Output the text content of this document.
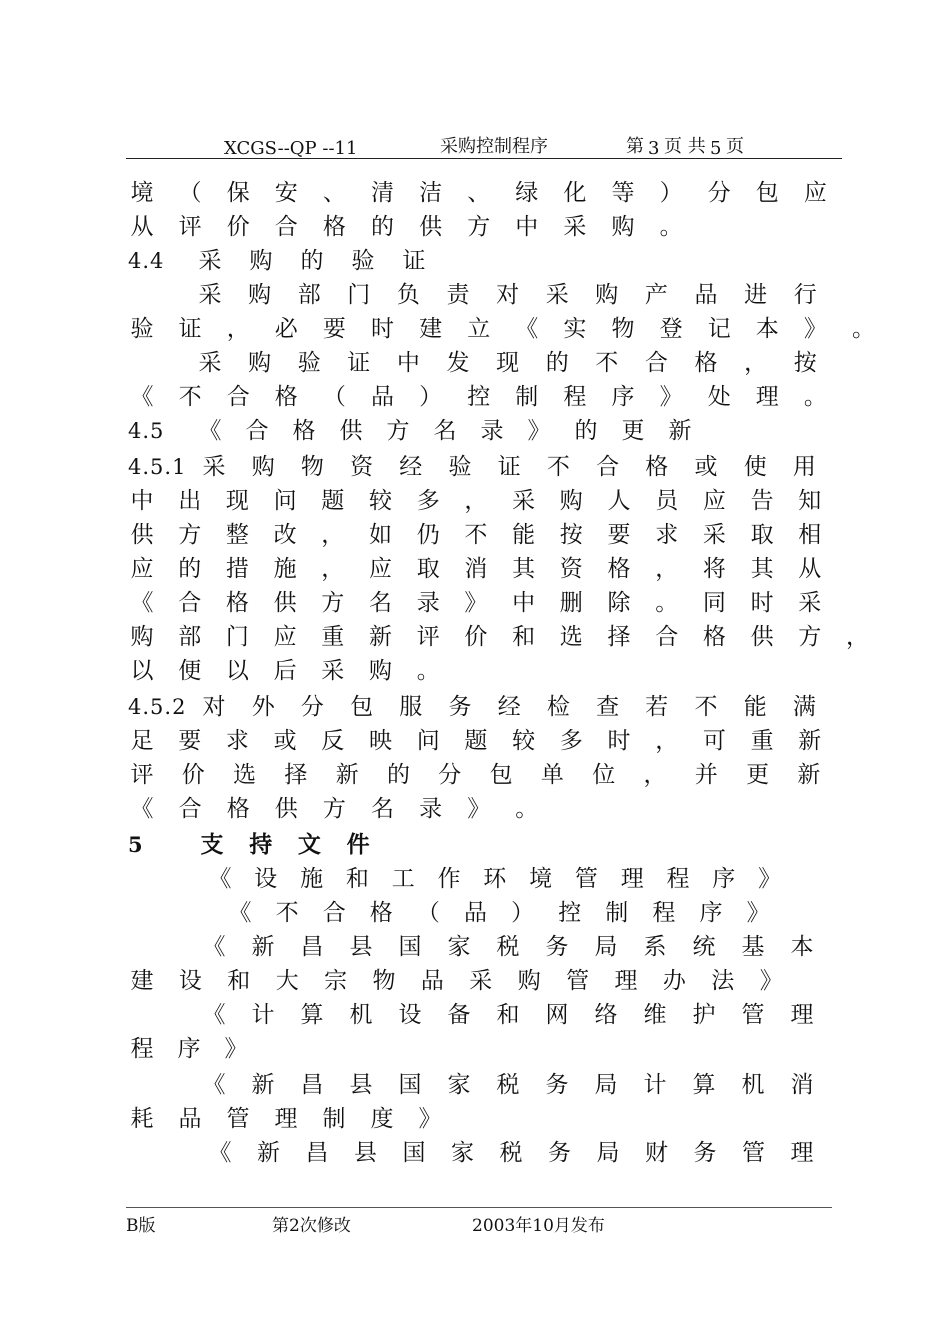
XCGS--QP --11	采购控制程序	第 3 页 共 5 页
境 （ 保 安 、 清 洁 、 绿 化 等 ） 分 包 应
从 评 价 合 格 的 供 方 中 采 购 。
4.4 采 购 的 验 证
采 购 部 门 负 责 对 采 购 产 品 进 行
验 证 ， 必 要 时 建 立 《 实 物 登 记 本 》 。
采 购 验 证 中 发 现 的 不 合 格 ， 按
《 不 合 格 （ 品 ） 控 制 程 序 》 处 理 。
4.5 《 合 格 供 方 名 录 》 的 更 新
4.5.1 采 购 物 资 经 验 证 不 合 格 或 使 用
中 出 现 问 题 较 多 ， 采 购 人 员 应 告 知
供 方 整 改 ， 如 仍 不 能 按 要 求 采 取 相
应 的 措 施 ， 应 取 消 其 资 格 ， 将 其 从
《 合 格 供 方 名 录 》 中 删 除 。 同 时 采
购 部 门 应 重 新 评 价 和 选 择 合 格 供 方 ，
以 便 以 后 采 购 。
4.5.2 对 外 分 包 服 务 经 检 查 若 不 能 满
足 要 求 或 反 映 问 题 较 多 时 ， 可 重 新
评 价 选 择 新 的 分 包 单 位 ， 并 更 新
《 合 格 供 方 名 录 》 。
5 支 持 文 件
《 设 施 和 工 作 环 境 管 理 程 序 》
《 不 合 格 （ 品 ） 控 制 程 序 》
《 新 昌 县 国 家 税 务 局 系 统 基 本
建 设 和 大 宗 物 品 采 购 管 理 办 法 》
《 计 算 机 设 备 和 网 络 维 护 管 理
程 序 》
《 新 昌 县 国 家 税 务 局 计 算 机 消
耗 品 管 理 制 度 》
《 新 昌 县 国 家 税 务 局 财 务 管 理
B版	第2次修改	2003年10月发布
